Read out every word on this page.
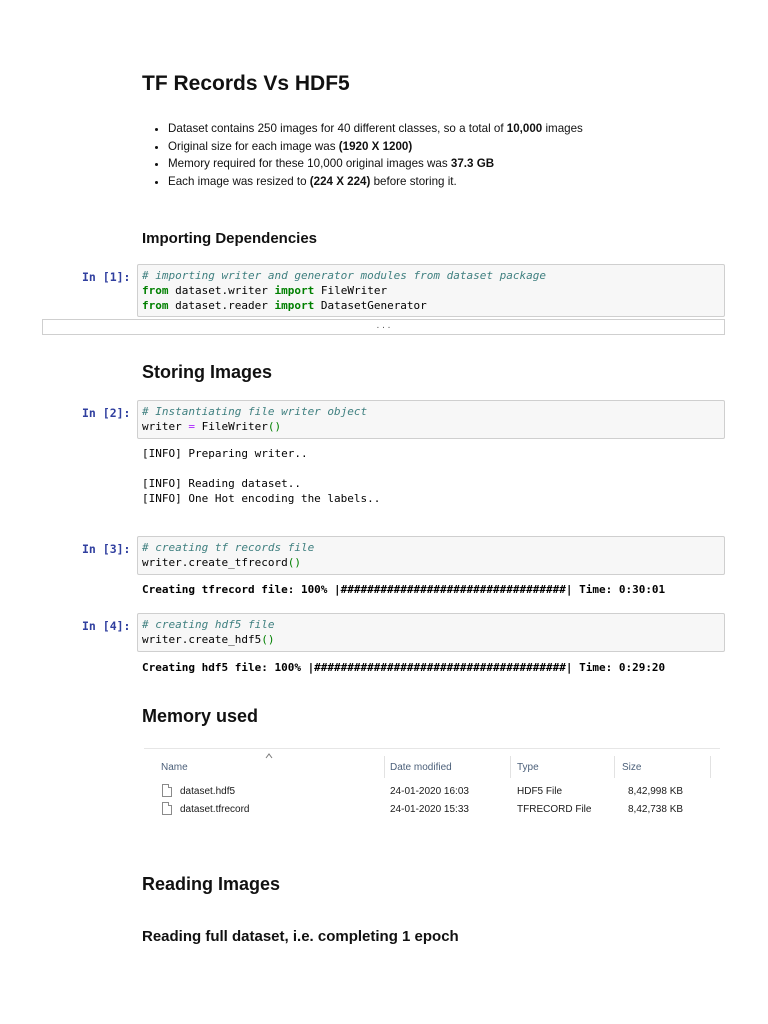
TF Records Vs HDF5
• Dataset contains 250 images for 40 different classes, so a total of 10,000 images
• Original size for each image was (1920 X 1200)
• Memory required for these 10,000 original images was 37.3 GB
• Each image was resized to (224 X 224) before storing it.
Importing Dependencies
In [1]:	# importing writer and generator modules from dataset package
from dataset.writer import FileWriter
from dataset.reader import DatasetGenerator
. . .
Storing Images
In [2]:	# Instantiating file writer object
writer = FileWriter()
[INFO] Preparing writer..

[INFO] Reading dataset..
[INFO] One Hot encoding the labels..
In [3]:	# creating tf records file
writer.create_tfrecord()
Creating tfrecord file: 100% |##################################| Time: 0:30:01
In [4]:	# creating hdf5 file
writer.create_hdf5()
Creating hdf5 file: 100% |######################################| Time: 0:29:20
Memory used
Name	Date modified	Type	Size
dataset.hdf5	24-01-2020 16:03	HDF5 File	8,42,998 KB
dataset.tfrecord	24-01-2020 15:33	TFRECORD File	8,42,738 KB
Reading Images
Reading full dataset, i.e. completing 1 epoch
